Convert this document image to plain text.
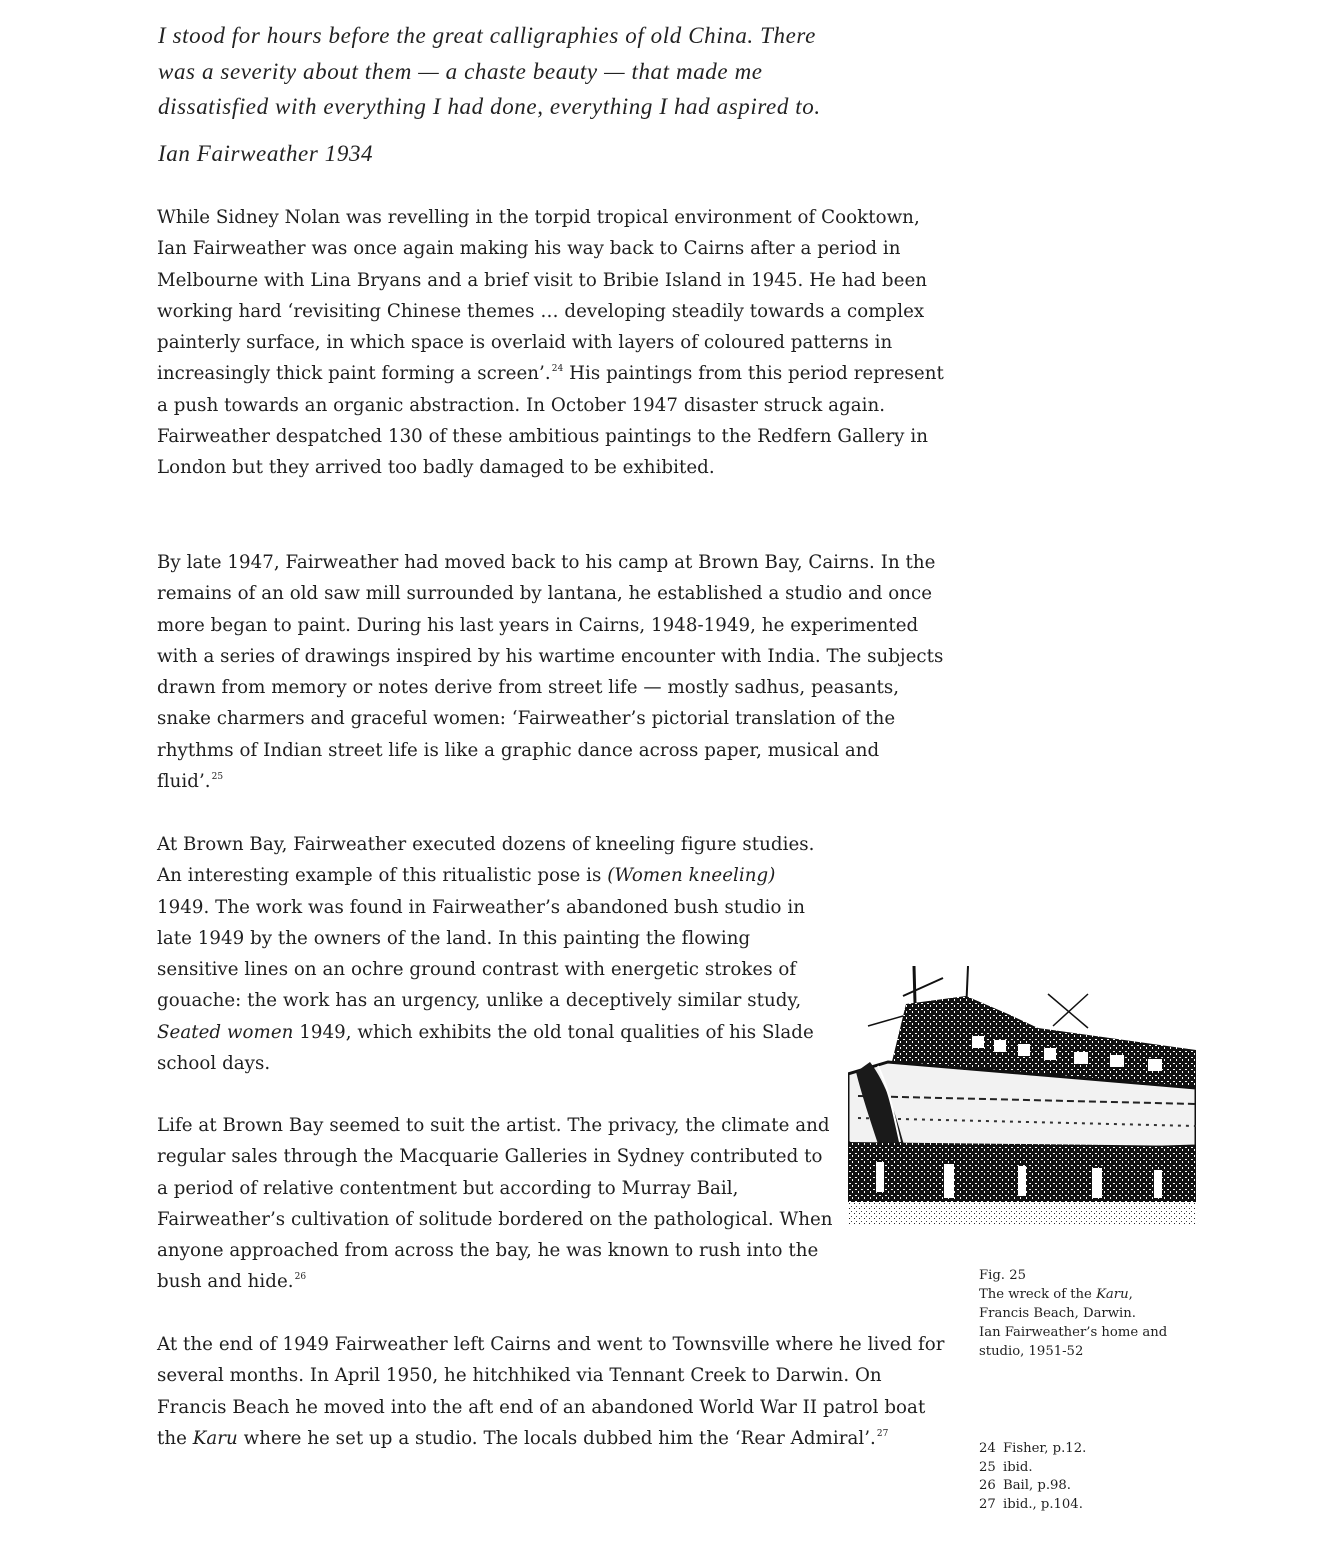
I stood for hours before the great calligraphies of old China. There

was a severity about them — a chaste beauty — that made me

dissatisfied with everything I had done, everything I had aspired to.

Ian Fairweather 1934

While Sidney Nolan was revelling in the torpid tropical environment of Cooktown, Ian Fairweather was once again making his way back to Cairns after a period in Melbourne with Lina Bryans and a brief visit to Bribie Island in 1945. He had been working hard ‘revisiting Chinese themes … developing steadily towards a complex painterly surface, in which space is overlaid with layers of coloured patterns in increasingly thick paint forming a screen’.$^{24}$ His paintings from this period represent a push towards an organic abstraction. In October 1947 disaster struck again. Fairweather despatched 130 of these ambitious paintings to the Redfern Gallery in London but they arrived too badly damaged to be exhibited.

By late 1947, Fairweather had moved back to his camp at Brown Bay, Cairns. In the remains of an old saw mill surrounded by lantana, he established a studio and once more began to paint. During his last years in Cairns, 1948-1949, he experimented with a series of drawings inspired by his wartime encounter with India. The subjects drawn from memory or notes derive from street life — mostly sadhus, peasants, snake charmers and graceful women: ‘Fairweather’s pictorial translation of the rhythms of Indian street life is like a graphic dance across paper, musical and fluid’.$^{25}$

At Brown Bay, Fairweather executed dozens of kneeling figure studies. An interesting example of this ritualistic pose is (Women kneeling) 1949. The work was found in Fairweather’s abandoned bush studio in late 1949 by the owners of the land. In this painting the flowing sensitive lines on an ochre ground contrast with energetic strokes of gouache: the work has an urgency, unlike a deceptively similar study, Seated women 1949, which exhibits the old tonal qualities of his Slade school days.

Life at Brown Bay seemed to suit the artist. The privacy, the climate and regular sales through the Macquarie Galleries in Sydney contributed to a period of relative contentment but according to Murray Bail, Fairweather’s cultivation of solitude bordered on the pathological. When anyone approached from across the bay, he was known to rush into the bush and hide.$^{26}$

At the end of 1949 Fairweather left Cairns and went to Townsville where he lived for several months. In April 1950, he hitchhiked via Tennant Creek to Darwin. On Francis Beach he moved into the aft end of an abandoned World War II patrol boat the Karu where he set up a studio. The locals dubbed him the ‘Rear Admiral’.$^{27}$

Fig. 25
The wreck of the Karu,
Francis Beach, Darwin.
Ian Fairweather’s home and
studio, 1951-52
24 Fisher, p.12.
25 ibid.
26 Bail, p.98.
27 ibid., p.104.
